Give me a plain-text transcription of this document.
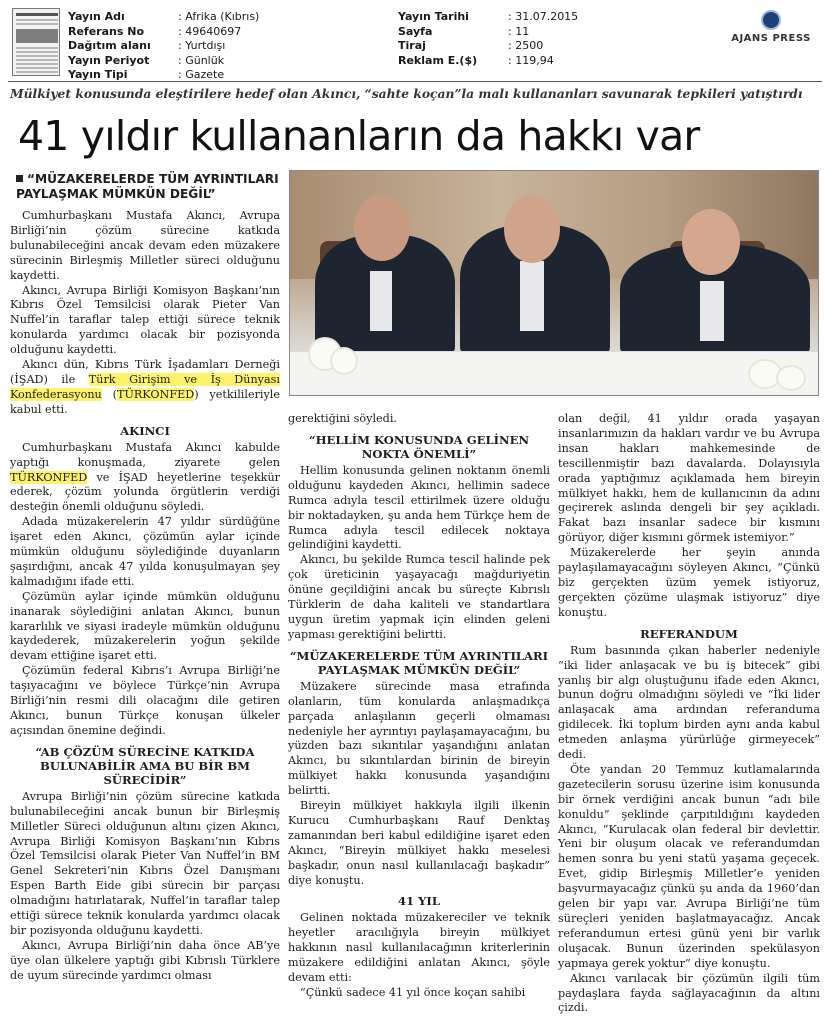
Yayın Adı	: Afrika (Kıbrıs)
Referans No	: 49640697
Dağıtım alanı	: Yurtdışı
Yayın Periyot	: Günlük
Yayın Tipi	: Gazete
Yayın Tarihi	: 31.07.2015
Sayfa	: 11
Tiraj	: 2500
Reklam E.($)	: 119,94
AJANS PRESS
Mülkiyet konusunda eleştirilere hedef olan Akıncı, “sahte koçan”la malı kullananları savunarak tepkileri yatıştırdı
41 yıldır kullananların da hakkı var
“MÜZAKERELERDE TÜM AYRINTILARI PAYLAŞMAK MÜMKÜN DEĞİL”

Cumhurbaşkanı Mustafa Akıncı, Avrupa Birliği’nin çözüm sürecine katkıda bulunabileceğini ancak devam eden müzakere sürecinin Birleşmiş Milletler süreci olduğunu kaydetti.

Akıncı, Avrupa Birliği Komisyon Başkanı’nın Kıbrıs Özel Temsilcisi olarak Pieter Van Nuffel’in taraflar talep ettiği sürece teknik konularda yardımcı olacak bir pozisyonda olduğunu kaydetti.

Akıncı dün, Kıbrıs Türk İşadamları Derneği (İŞAD) ile Türk Girişim ve İş Dünyası Konfederasyonu (TÜRKONFED) yetkilileriyle kabul etti.

AKINCI

Cumhurbaşkanı Mustafa Akıncı kabulde yaptığı konuşmada, ziyarete gelen TÜRKONFED ve İŞAD heyetlerine teşekkür ederek, çözüm yolunda örgütlerin verdiği desteğin önemli olduğunu söyledi.

Adada müzakerelerin 47 yıldır sürdüğüne işaret eden Akıncı, çözümün aylar içinde mümkün olduğunu söylediğinde duyanların şaşırdığını, ancak 47 yılda konuşulmayan şey kalmadığını ifade etti.

Çözümün aylar içinde mümkün olduğunu inanarak söylediğini anlatan Akıncı, bunun kararlılık ve siyasi iradeyle mümkün olduğunu kaydederek, müzakerelerin yoğun şekilde devam ettiğine işaret etti.

Çözümün federal Kıbrıs’ı Avrupa Birliği’ne taşıyacağını ve böylece Türkçe’nin Avrupa Birliği’nin resmi dili olacağını dile getiren Akıncı, bunun Türkçe konuşan ülkeler açısından önemine değindi.

“AB ÇÖZÜM SÜRECİNE KATKIDA BULUNABİLİR AMA BU BİR BM SÜRECİDİR”

Avrupa Birliği’nin çözüm sürecine katkıda bulunabileceğini ancak bunun bir Birleşmiş Milletler Süreci olduğunun altını çizen Akıncı, Avrupa Birliği Komisyon Başkanı’nın Kıbrıs Özel Temsilcisi olarak Pieter Van Nuffel’in BM Genel Sekreteri’nin Kıbrıs Özel Danışmanı Espen Barth Eide gibi sürecin bir parçası olmadığını hatırlatarak, Nuffel’in taraflar talep ettiği sürece teknik konularda yardımcı olacak bir pozisyonda olduğunu kaydetti.

Akıncı, Avrupa Birliği’nin daha önce AB’ye üye olan ülkelere yaptığı gibi Kıbrıslı Türklere de uyum sürecinde yardımcı olması

gerektiğini söyledi.

“HELLİM KONUSUNDA GELİNEN NOKTA ÖNEMLİ”

Hellim konusunda gelinen noktanın önemli olduğunu kaydeden Akıncı, hellimin sadece Rumca adıyla tescil ettirilmek üzere olduğu bir noktadayken, şu anda hem Türkçe hem de Rumca adıyla tescil edilecek noktaya gelindiğini kaydetti.

Akıncı, bu şekilde Rumca tescil halinde pek çok üreticinin yaşayacağı mağduriyetin önüne geçildiğini ancak bu süreçte Kıbrıslı Türklerin de daha kaliteli ve standartlara uygun üretim yapmak için elinden geleni yapması gerektiğini belirtti.

“MÜZAKERELERDE TÜM AYRINTILARI PAYLAŞMAK MÜMKÜN DEĞİL”

Müzakere sürecinde masa etrafında olanların, tüm konularda anlaşmadıkça parçada anlaşılanın geçerli olmaması nedeniyle her ayrıntıyı paylaşamayacağını, bu yüzden bazı sıkıntılar yaşandığını anlatan Akıncı, bu sıkıntılardan birinin de bireyin mülkiyet hakkı konusunda yaşandığını belirtti.

Bireyin mülkiyet hakkıyla ilgili ilkenin Kurucu Cumhurbaşkanı Rauf Denktaş zamanından beri kabul edildiğine işaret eden Akıncı, “Bireyin mülkiyet hakkı meselesi başkadır, onun nasıl kullanılacağı başkadır” diye konuştu.

41 YIL

Gelinen noktada müzakereciler ve teknik heyetler aracılığıyla bireyin mülkiyet hakkının nasıl kullanılacağının kriterlerinin müzakere edildiğini anlatan Akıncı, şöyle devam etti:

“Çünkü sadece 41 yıl önce koçan sahibi

olan değil, 41 yıldır orada yaşayan insanlarımızın da hakları vardır ve bu Avrupa insan hakları mahkemesinde de tescillenmiştir bazı davalarda. Dolayısıyla orada yaptığımız açıklamada hem bireyin mülkiyet hakkı, hem de kullanıcının da adını geçirerek aslında dengeli bir şey açıkladı. Fakat bazı insanlar sadece bir kısmını görüyor, diğer kısmını görmek istemiyor.”

Müzakerelerde her şeyin anında paylaşılamayacağını söyleyen Akıncı, “Çünkü biz gerçekten üzüm yemek istiyoruz, gerçekten çözüme ulaşmak istiyoruz” diye konuştu.

REFERANDUM

Rum basınında çıkan haberler nedeniyle “iki lider anlaşacak ve bu iş bitecek” gibi yanlış bir algı oluştuğunu ifade eden Akıncı, bunun doğru olmadığını söyledi ve “İki lider anlaşacak ama ardından referanduma gidilecek. İki toplum birden aynı anda kabul etmeden anlaşma yürürlüğe girmeyecek” dedi.

Öte yandan 20 Temmuz kutlamalarında gazetecilerin sorusu üzerine isim konusunda bir örnek verdiğini ancak bunun “adı bile konuldu” şeklinde çarpıtıldığını kaydeden Akıncı, “Kurulacak olan federal bir devlettir. Yeni bir oluşum olacak ve referandumdan hemen sonra bu yeni statü yaşama geçecek. Evet, gidip Birleşmiş Milletler’e yeniden başvurmayacağız çünkü şu anda da 1960’dan gelen bir yapı var. Avrupa Birliği’ne tüm süreçleri yeniden başlatmayacağız. Ancak referandumun ertesi günü yeni bir varlık oluşacak. Bunun üzerinden spekülasyon yapmaya gerek yoktur” diye konuştu.

Akıncı varılacak bir çözümün ilgili tüm paydaşlara fayda sağlayacağının da altını çizdi.
